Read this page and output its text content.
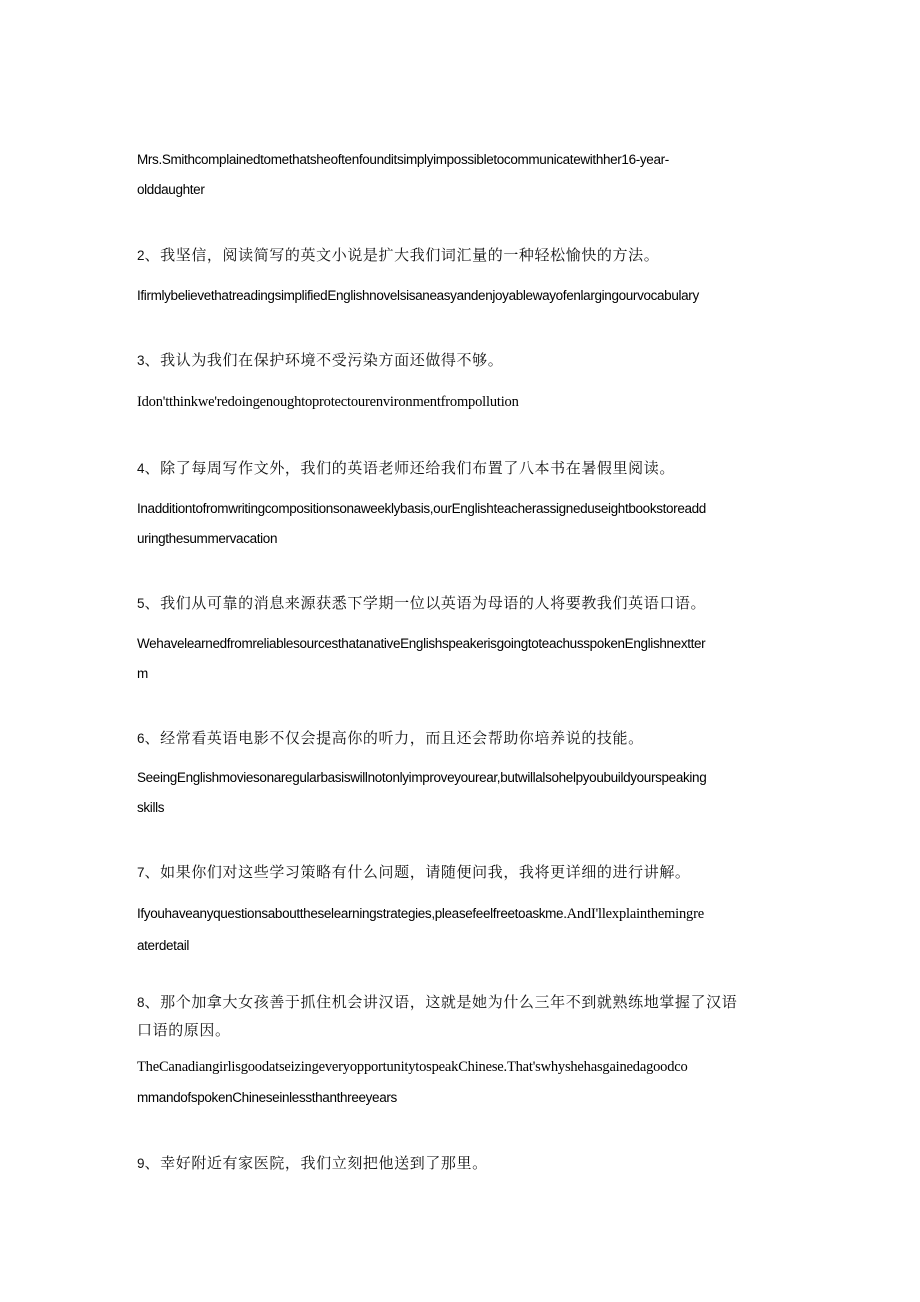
Mrs.Smithcomplainedtomethatsheoftenfounditsimplyimpossibletocommunicatewithher16-year-
olddaughter
2、我坚信，阅读简写的英文小说是扩大我们词汇量的一种轻松愉快的方法。
IfirmlybelievethatreadingsimplifiedEnglishnovelsisaneasyandenjoyablewayofenlargingourvocabulary
3、我认为我们在保护环境不受污染方面还做得不够。
Idon'tthinkwe'redoingenoughtoprotectourenvironmentfrompollution
4、除了每周写作文外，我们的英语老师还给我们布置了八本书在暑假里阅读。
Inadditiontofromwritingcompositionsonaweeklybasis,ourEnglishteacherassigneduseightbookstoreadd
uringthesummervacation
5、我们从可靠的消息来源获悉下学期一位以英语为母语的人将要教我们英语口语。
WehavelearnedfromreliablesourcesthatanativeEnglishspeakerisgoingtoteachusspokenEnglishnextter
m
6、经常看英语电影不仅会提高你的听力，而且还会帮助你培养说的技能。
SeeingEnglishmoviesonaregularbasiswillnotonlyimproveyourear,butwillalsohelpyoubuildyourspeaking
skills
7、如果你们对这些学习策略有什么问题，请随便问我，我将更详细的进行讲解。
Ifyouhaveanyquestionsabouttheselearningstrategies,pleasefeelfreetoaskme.AndI'llexplainthemingre
aterdetail
8、那个加拿大女孩善于抓住机会讲汉语，这就是她为什么三年不到就熟练地掌握了汉语
口语的原因。
TheCanadiangirlisgoodatseizingeveryopportunitytospeakChinese.That'swhyshehasgainedagoodco
mmandofspokenChineseinlessthanthreeyears
9、幸好附近有家医院，我们立刻把他送到了那里。
